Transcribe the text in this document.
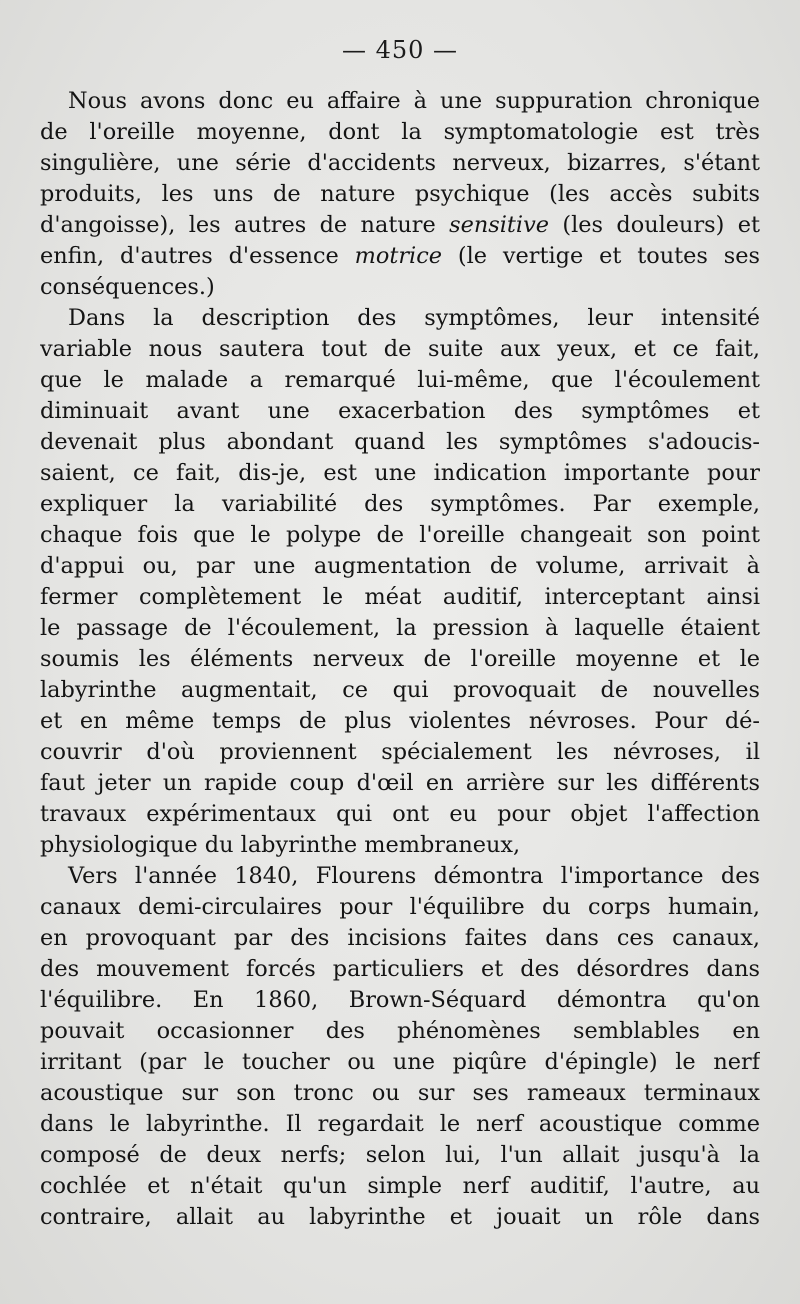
— 450 —
Nous avons donc eu affaire à une suppuration chronique
de l'oreille moyenne, dont la symptomatologie est très
singulière, une série d'accidents nerveux, bizarres, s'étant
produits, les uns de nature psychique (les accès subits
d'angoisse), les autres de nature sensitive (les douleurs) et
enfin, d'autres d'essence motrice (le vertige et toutes ses
conséquences.)
Dans la description des symptômes, leur intensité
variable nous sautera tout de suite aux yeux, et ce fait,
que le malade a remarqué lui-même, que l'écoulement
diminuait avant une exacerbation des symptômes et
devenait plus abondant quand les symptômes s'adoucis-
saient, ce fait, dis-je, est une indication importante pour
expliquer la variabilité des symptômes. Par exemple,
chaque fois que le polype de l'oreille changeait son point
d'appui ou, par une augmentation de volume, arrivait à
fermer complètement le méat auditif, interceptant ainsi
le passage de l'écoulement, la pression à laquelle étaient
soumis les éléments nerveux de l'oreille moyenne et le
labyrinthe augmentait, ce qui provoquait de nouvelles
et en même temps de plus violentes névroses. Pour dé-
couvrir d'où proviennent spécialement les névroses, il
faut jeter un rapide coup d'œil en arrière sur les différents
travaux expérimentaux qui ont eu pour objet l'affection
physiologique du labyrinthe membraneux,
Vers l'année 1840, Flourens démontra l'importance des
canaux demi-circulaires pour l'équilibre du corps humain,
en provoquant par des incisions faites dans ces canaux,
des mouvement forcés particuliers et des désordres dans
l'équilibre. En 1860, Brown-Séquard démontra qu'on
pouvait occasionner des phénomènes semblables en
irritant (par le toucher ou une piqûre d'épingle) le nerf
acoustique sur son tronc ou sur ses rameaux terminaux
dans le labyrinthe. Il regardait le nerf acoustique comme
composé de deux nerfs; selon lui, l'un allait jusqu'à la
cochlée et n'était qu'un simple nerf auditif, l'autre, au
contraire, allait au labyrinthe et jouait un rôle dans
